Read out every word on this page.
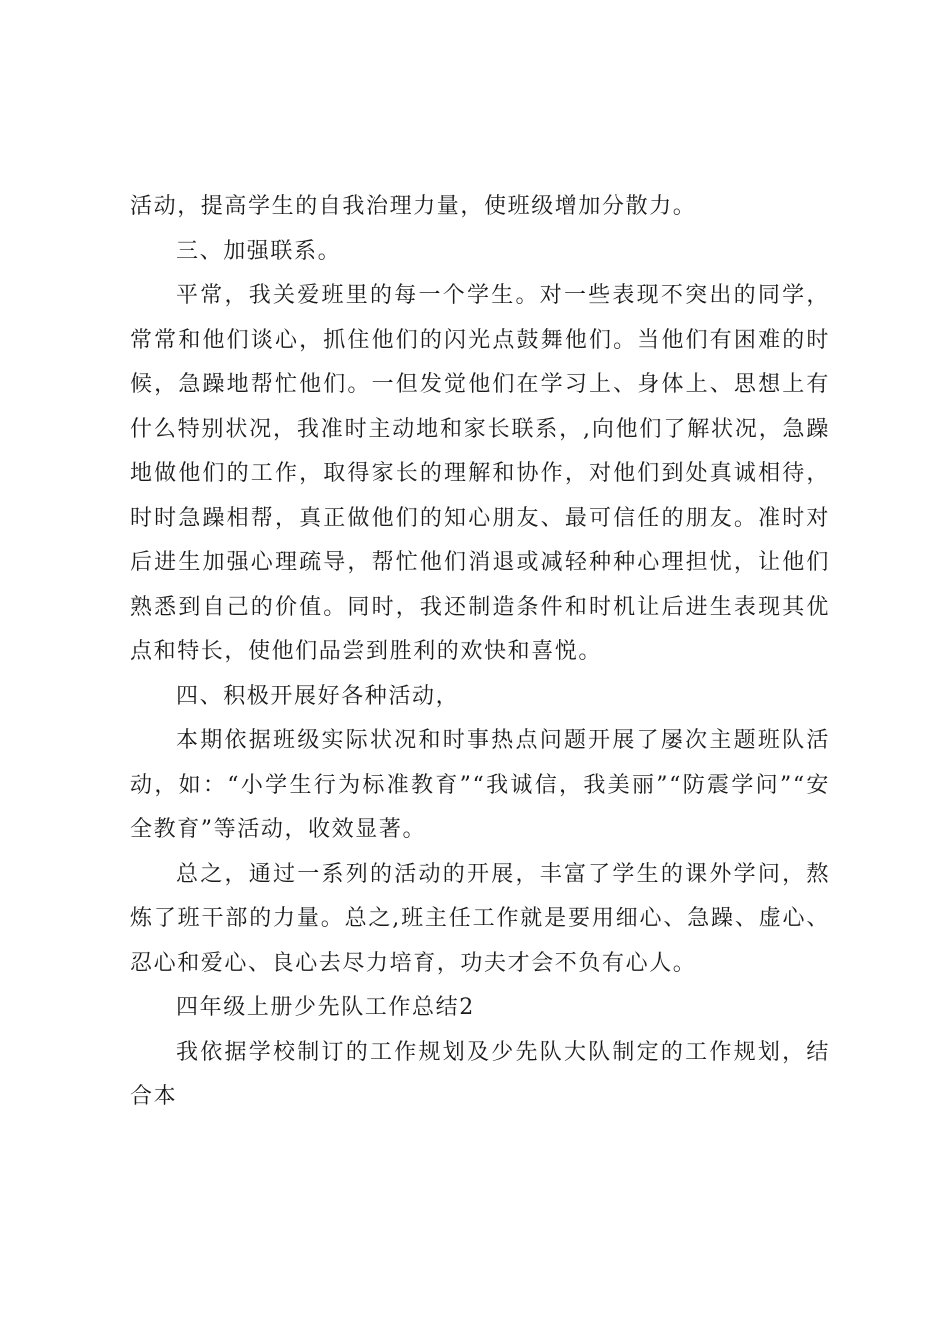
活动，提高学生的自我治理力量，使班级增加分散力。

三、加强联系。

平常，我关爱班里的每一个学生。对一些表现不突出的同学，常常和他们谈心，抓住他们的闪光点鼓舞他们。当他们有困难的时候，急躁地帮忙他们。一但发觉他们在学习上、身体上、思想上有什么特别状况，我准时主动地和家长联系，,向他们了解状况，急躁地做他们的工作，取得家长的理解和协作，对他们到处真诚相待，时时急躁相帮，真正做他们的知心朋友、最可信任的朋友。准时对后进生加强心理疏导，帮忙他们消退或减轻种种心理担忧，让他们熟悉到自己的价值。同时，我还制造条件和时机让后进生表现其优点和特长，使他们品尝到胜利的欢快和喜悦。

四、积极开展好各种活动，

本期依据班级实际状况和时事热点问题开展了屡次主题班队活动，如：“小学生行为标准教育”“我诚信，我美丽”“防震学问”“安全教育”等活动，收效显著。

总之，通过一系列的活动的开展，丰富了学生的课外学问，熬炼了班干部的力量。总之,班主任工作就是要用细心、急躁、虚心、忍心和爱心、良心去尽力培育，功夫才会不负有心人。

四年级上册少先队工作总结2

我依据学校制订的工作规划及少先队大队制定的工作规划，结合本
